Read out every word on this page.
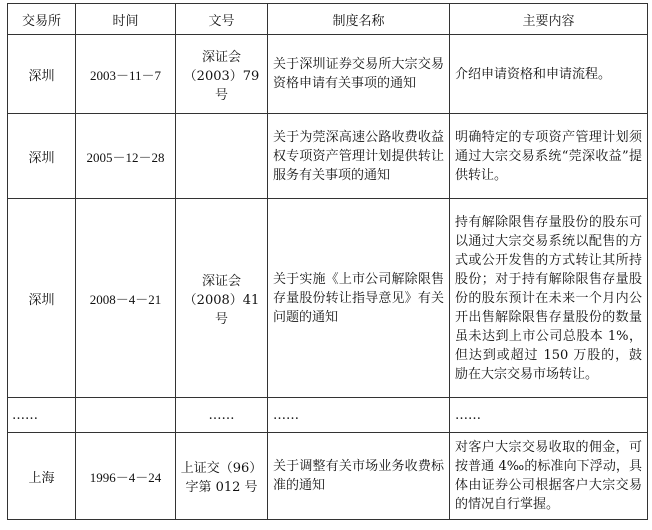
交易所	时间	文号	制度名称	主要内容
深圳	2003－11－7	深证会（2003）79 号	关于深圳证券交易所大宗交易资格申请有关事项的通知	介绍申请资格和申请流程。
深圳	2005－12－28		关于为莞深高速公路收费收益权专项资产管理计划提供转让服务有关事项的通知	明确特定的专项资产管理计划须通过大宗交易系统“莞深收益”提供转让。
深圳	2008－4－21	深证会（2008）41 号	关于实施《上市公司解除限售存量股份转让指导意见》有关问题的通知	持有解除限售存量股份的股东可以通过大宗交易系统以配售的方式或公开发售的方式转让其所持股份；对于持有解除限售存量股份的股东预计在未来一个月内公开出售解除限售存量股份的数量虽未达到上市公司总股本 1%，但达到或超过 150 万股的，鼓励在大宗交易市场转让。
……		……	……	……
上海	1996－4－24	上证交（96）字第 012 号	关于调整有关市场业务收费标准的通知	对客户大宗交易收取的佣金，可按普通 4‰的标准向下浮动，具体由证券公司根据客户大宗交易的情况自行掌握。
